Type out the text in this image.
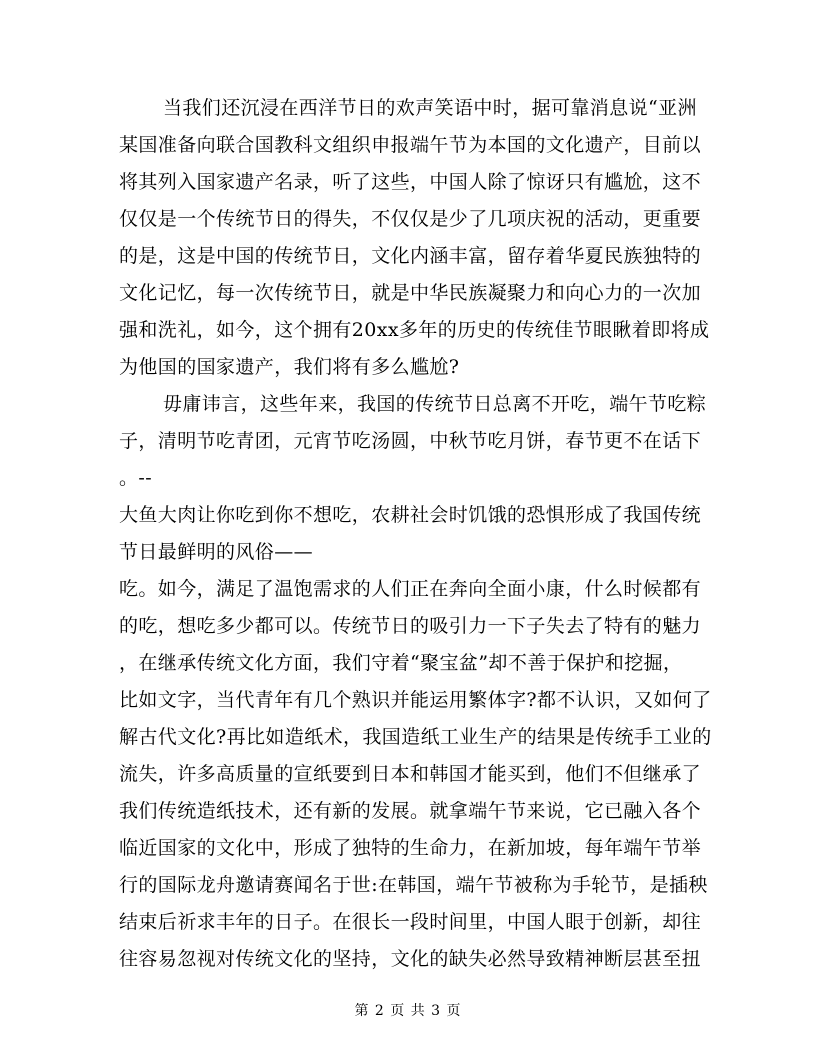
当我们还沉浸在西洋节日的欢声笑语中时，据可靠消息说“亚洲
某国准备向联合国教科文组织申报端午节为本国的文化遗产，目前以
将其列入国家遗产名录，听了这些，中国人除了惊讶只有尴尬，这不
仅仅是一个传统节日的得失，不仅仅是少了几项庆祝的活动，更重要
的是，这是中国的传统节日，文化内涵丰富，留存着华夏民族独特的
文化记忆，每一次传统节日，就是中华民族凝聚力和向心力的一次加
强和洗礼，如今，这个拥有20xx多年的历史的传统佳节眼瞅着即将成
为他国的国家遗产，我们将有多么尴尬?
毋庸讳言，这些年来，我国的传统节日总离不开吃，端午节吃粽
子，清明节吃青团，元宵节吃汤圆，中秋节吃月饼，春节更不在话下
。--
大鱼大肉让你吃到你不想吃，农耕社会时饥饿的恐惧形成了我国传统
节日最鲜明的风俗——
吃。如今，满足了温饱需求的人们正在奔向全面小康，什么时候都有
的吃，想吃多少都可以。传统节日的吸引力一下子失去了特有的魅力
，在继承传统文化方面，我们守着“聚宝盆”却不善于保护和挖掘，
比如文字，当代青年有几个熟识并能运用繁体字?都不认识，又如何了
解古代文化?再比如造纸术，我国造纸工业生产的结果是传统手工业的
流失，许多高质量的宣纸要到日本和韩国才能买到，他们不但继承了
我们传统造纸技术，还有新的发展。就拿端午节来说，它已融入各个
临近国家的文化中，形成了独特的生命力，在新加坡，每年端午节举
行的国际龙舟邀请赛闻名于世:在韩国，端午节被称为手轮节，是插秧
结束后祈求丰年的日子。在很长一段时间里，中国人眼于创新，却往
往容易忽视对传统文化的坚持，文化的缺失必然导致精神断层甚至扭
第 2 页 共 3 页
